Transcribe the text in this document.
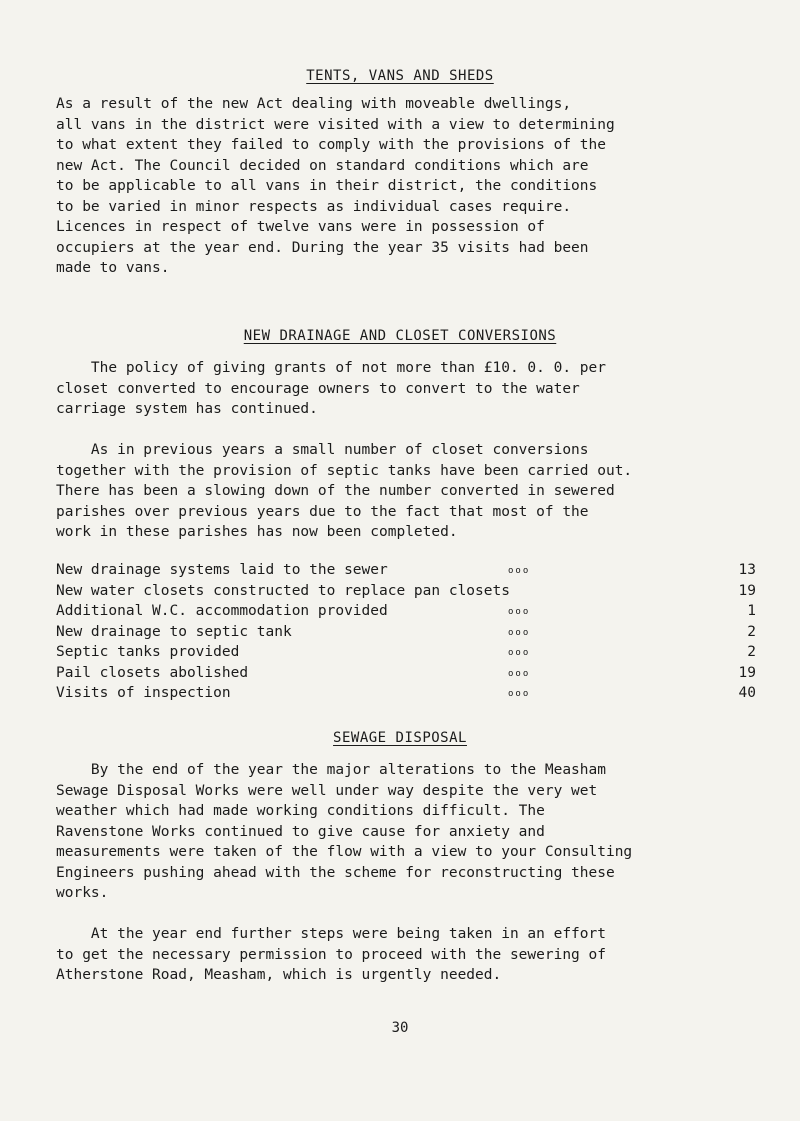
TENTS, VANS AND SHEDS
As a result of the new Act dealing with moveable dwellings,
all vans in the district were visited with a view to determining
to what extent they failed to comply with the provisions of the
new Act. The Council decided on standard conditions which are
to be applicable to all vans in their district, the conditions
to be varied in minor respects as individual cases require.
Licences in respect of twelve vans were in possession of
occupiers at the year end. During the year 35 visits had been
made to vans.
NEW DRAINAGE AND CLOSET CONVERSIONS
The policy of giving grants of not more than £10. 0. 0. per
closet converted to encourage owners to convert to the water
carriage system has continued.
As in previous years a small number of closet conversions
together with the provision of septic tanks have been carried out.
There has been a slowing down of the number converted in sewered
parishes over previous years due to the fact that most of the
work in these parishes has now been completed.
New drainage systems laid to the sewer	ooo	13
New water closets constructed to replace pan closets	19
Additional W.C. accommodation provided	ooo	1
New drainage to septic tank	ooo	2
Septic tanks provided	ooo	2
Pail closets abolished	ooo	19
Visits of inspection	ooo	40
SEWAGE DISPOSAL
By the end of the year the major alterations to the Measham
Sewage Disposal Works were well under way despite the very wet
weather which had made working conditions difficult. The
Ravenstone Works continued to give cause for anxiety and
measurements were taken of the flow with a view to your Consulting
Engineers pushing ahead with the scheme for reconstructing these
works.
At the year end further steps were being taken in an effort
to get the necessary permission to proceed with the sewering of
Atherstone Road, Measham, which is urgently needed.
30
